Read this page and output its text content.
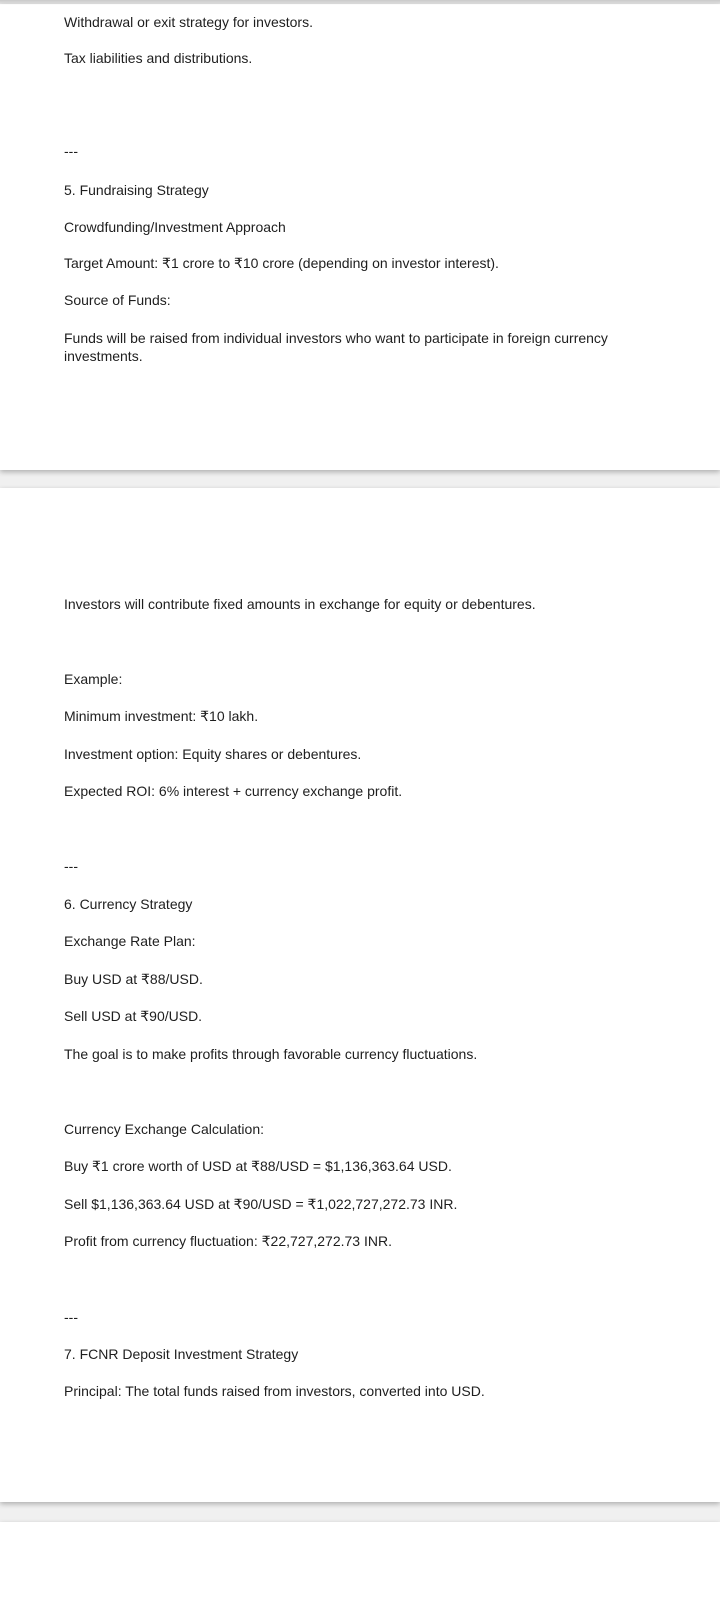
Withdrawal or exit strategy for investors.
Tax liabilities and distributions.
---
5. Fundraising Strategy
Crowdfunding/Investment Approach
Target Amount: ₹1 crore to ₹10 crore (depending on investor interest).
Source of Funds:
Funds will be raised from individual investors who want to participate in foreign currency
investments.
Investors will contribute fixed amounts in exchange for equity or debentures.
Example:
Minimum investment: ₹10 lakh.
Investment option: Equity shares or debentures.
Expected ROI: 6% interest + currency exchange profit.
---
6. Currency Strategy
Exchange Rate Plan:
Buy USD at ₹88/USD.
Sell USD at ₹90/USD.
The goal is to make profits through favorable currency fluctuations.
Currency Exchange Calculation:
Buy ₹1 crore worth of USD at ₹88/USD = $1,136,363.64 USD.
Sell $1,136,363.64 USD at ₹90/USD = ₹1,022,727,272.73 INR.
Profit from currency fluctuation: ₹22,727,272.73 INR.
---
7. FCNR Deposit Investment Strategy
Principal: The total funds raised from investors, converted into USD.
